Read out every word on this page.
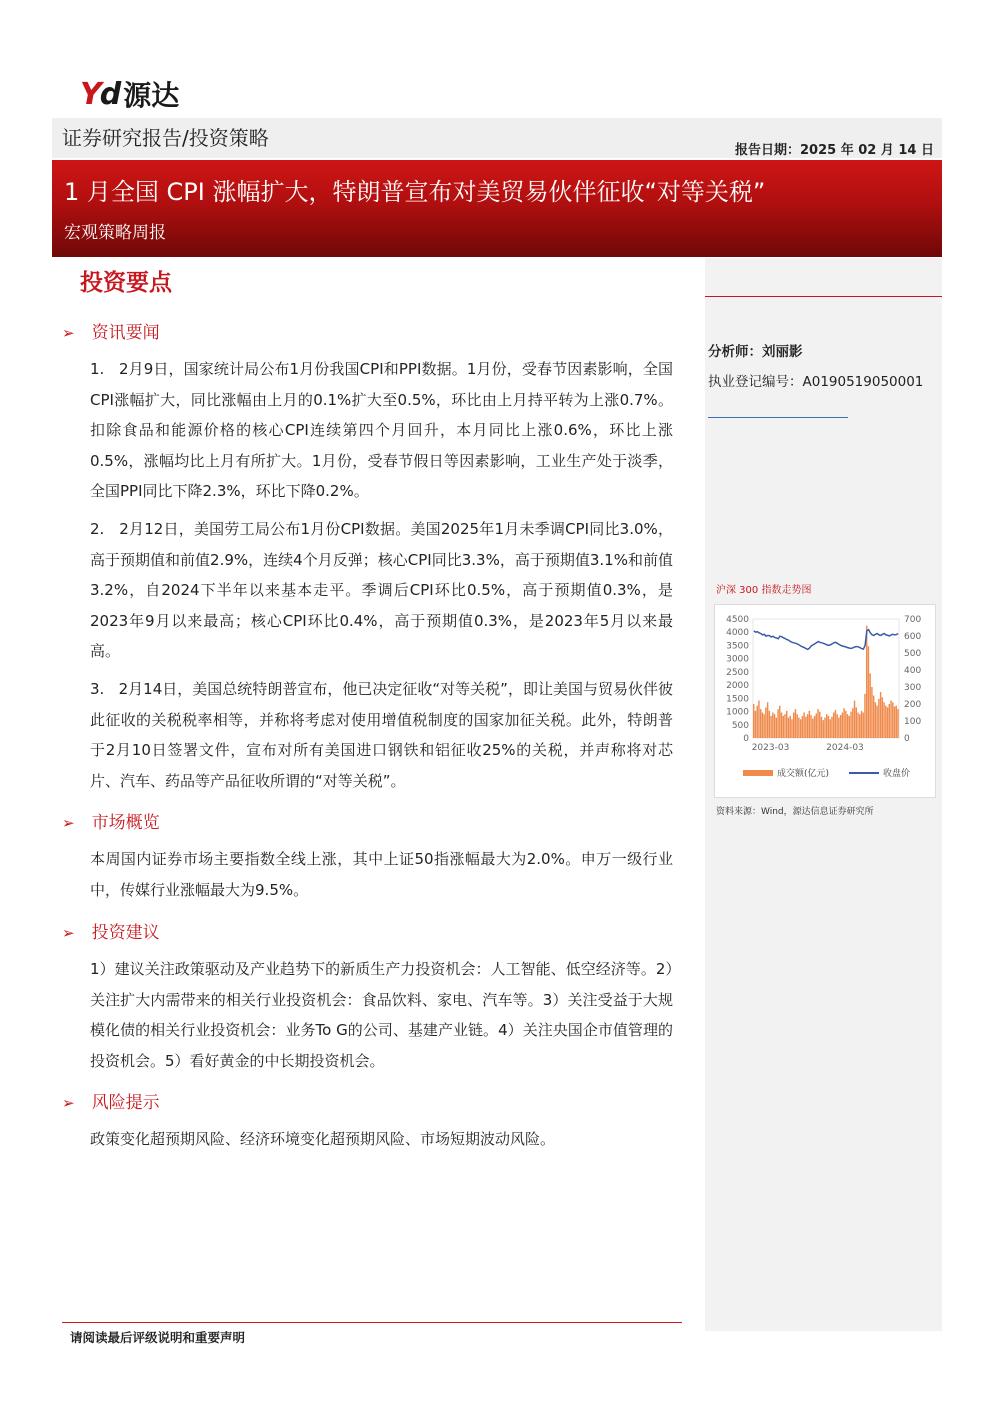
Yd 源达
证券研究报告/投资策略
报告日期：2025 年 02 月 14 日
1 月全国 CPI 涨幅扩大，特朗普宣布对美贸易伙伴征收“对等关税”
宏观策略周报
分析师：刘丽影
执业登记编号：A0190519050001
沪深 300 指数走势图
0
500
1000
1500
2000
2500
3000
3500
4000
4500
0
100
200
300
400
500
600
700
2023-03	2024-03
成交额(亿元)	收盘价
资料来源：Wind，源达信息证券研究所
投资要点
➢ 资讯要闻
1.   2月9日，国家统计局公布1月份我国CPI和PPI数据。1月份，受春节因素影响，全国CPI涨幅扩大，同比涨幅由上月的0.1%扩大至0.5%，环比由上月持平转为上涨0.7%。扣除食品和能源价格的核心CPI连续第四个月回升，本月同比上涨0.6%，环比上涨0.5%，涨幅均比上月有所扩大。1月份，受春节假日等因素影响，工业生产处于淡季，全国PPI同比下降2.3%，环比下降0.2%。
2.   2月12日，美国劳工局公布1月份CPI数据。美国2025年1月未季调CPI同比3.0%，高于预期值和前值2.9%，连续4个月反弹；核心CPI同比3.3%，高于预期值3.1%和前值3.2%，自2024下半年以来基本走平。季调后CPI环比0.5%，高于预期值0.3%，是2023年9月以来最高；核心CPI环比0.4%，高于预期值0.3%，是2023年5月以来最高。
3.   2月14日，美国总统特朗普宣布，他已决定征收“对等关税”，即让美国与贸易伙伴彼此征收的关税税率相等，并称将考虑对使用增值税制度的国家加征关税。此外，特朗普于2月10日签署文件，宣布对所有美国进口钢铁和铝征收25%的关税，并声称将对芯片、汽车、药品等产品征收所谓的“对等关税”。
➢ 市场概览
本周国内证券市场主要指数全线上涨，其中上证50指涨幅最大为2.0%。申万一级行业中，传媒行业涨幅最大为9.5%。
➢ 投资建议
1）建议关注政策驱动及产业趋势下的新质生产力投资机会：人工智能、低空经济等。2）关注扩大内需带来的相关行业投资机会：食品饮料、家电、汽车等。3）关注受益于大规模化债的相关行业投资机会：业务To G的公司、基建产业链。4）关注央国企市值管理的投资机会。5）看好黄金的中长期投资机会。
➢ 风险提示
政策变化超预期风险、经济环境变化超预期风险、市场短期波动风险。
请阅读最后评级说明和重要声明
